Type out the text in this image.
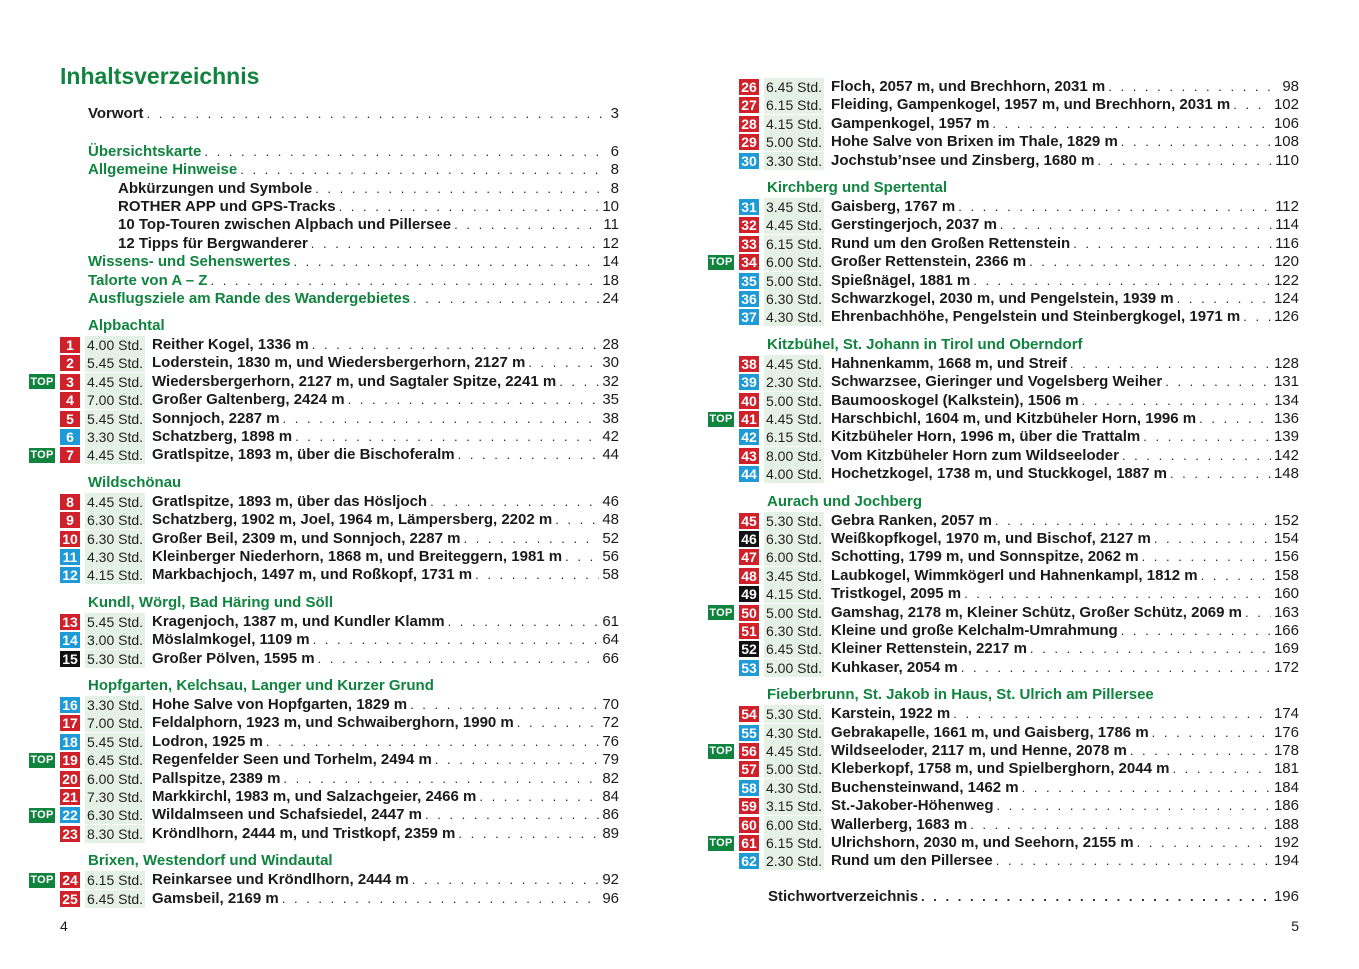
Inhaltsverzeichnis
Vorwort . . .	3
Übersichtskarte . . .	6
Allgemeine Hinweise . . .	8
Abkürzungen und Symbole . . .	8
ROTHER APP und GPS-Tracks . . .	10
10 Top-Touren zwischen Alpbach und Pillersee . . .	11
12 Tipps für Bergwanderer . . .	12
Wissens- und Sehenswertes . . .	14
Talorte von A – Z . . .	18
Ausflugsziele am Rande des Wandergebietes . . .	24
Alpbachtal
1 4.00 Std. Reither Kogel, 1336 m . . .	28
2 5.45 Std. Loderstein, 1830 m, und Wiedersbergerhorn, 2127 m . . .	30
TOP 3 4.45 Std. Wiedersbergerhorn, 2127 m, und Sagtaler Spitze, 2241 m . . .	32
4 7.00 Std. Großer Galtenberg, 2424 m . . .	35
5 5.45 Std. Sonnjoch, 2287 m . . .	38
6 3.30 Std. Schatzberg, 1898 m . . .	42
TOP 7 4.45 Std. Gratlspitze, 1893 m, über die Bischoferalm . . .	44
Wildschönau
8 4.45 Std. Gratlspitze, 1893 m, über das Hösljoch . . .	46
9 6.30 Std. Schatzberg, 1902 m, Joel, 1964 m, Lämpersberg, 2202 m . . .	48
10 6.30 Std. Großer Beil, 2309 m, und Sonnjoch, 2287 m . . .	52
11 4.30 Std. Kleinberger Niederhorn, 1868 m, und Breiteggern, 1981 m . . .	56
12 4.15 Std. Markbachjoch, 1497 m, und Roßkopf, 1731 m . . .	58
Kundl, Wörgl, Bad Häring und Söll
13 5.45 Std. Kragenjoch, 1387 m, und Kundler Klamm . . .	61
14 3.00 Std. Möslalmkogel, 1109 m . . .	64
15 5.30 Std. Großer Pölven, 1595 m . . .	66
Hopfgarten, Kelchsau, Langer und Kurzer Grund
16 3.30 Std. Hohe Salve von Hopfgarten, 1829 m . . .	70
17 7.00 Std. Feldalphorn, 1923 m, und Schwaiberghorn, 1990 m . . .	72
18 5.45 Std. Lodron, 1925 m . . .	76
TOP 19 6.45 Std. Regenfelder Seen und Torhelm, 2494 m . . .	79
20 6.00 Std. Pallspitze, 2389 m . . .	82
21 7.30 Std. Markkirchl, 1983 m, und Salzachgeier, 2466 m . . .	84
TOP 22 6.30 Std. Wildalmseen und Schafsiedel, 2447 m . . .	86
23 8.30 Std. Kröndlhorn, 2444 m, und Tristkopf, 2359 m . . .	89
Brixen, Westendorf und Windautal
TOP 24 6.15 Std. Reinkarsee und Kröndlhorn, 2444 m . . .	92
25 6.45 Std. Gamsbeil, 2169 m . . .	96
4
26 6.45 Std. Floch, 2057 m, und Brechhorn, 2031 m . . .	98
27 6.15 Std. Fleiding, Gampenkogel, 1957 m, und Brechhorn, 2031 m . . .	102
28 4.15 Std. Gampenkogel, 1957 m . . .	106
29 5.00 Std. Hohe Salve von Brixen im Thale, 1829 m . . .	108
30 3.30 Std. Jochstub’nsee und Zinsberg, 1680 m . . .	110
Kirchberg und Spertental
31 3.45 Std. Gaisberg, 1767 m . . .	112
32 4.45 Std. Gerstingerjoch, 2037 m . . .	114
33 6.15 Std. Rund um den Großen Rettenstein . . .	116
TOP 34 6.00 Std. Großer Rettenstein, 2366 m . . .	120
35 5.00 Std. Spießnägel, 1881 m . . .	122
36 6.30 Std. Schwarzkogel, 2030 m, und Pengelstein, 1939 m . . .	124
37 4.30 Std. Ehrenbachhöhe, Pengelstein und Steinbergkogel, 1971 m . . . 126
Kitzbühel, St. Johann in Tirol und Oberndorf
38 4.45 Std. Hahnenkamm, 1668 m, und Streif . . .	128
39 2.30 Std. Schwarzsee, Gieringer und Vogelsberg Weiher . . .	131
40 5.00 Std. Baumooskogel (Kalkstein), 1506 m . . .	134
TOP 41 4.45 Std. Harschbichl, 1604 m, und Kitzbüheler Horn, 1996 m . . .	136
42 6.15 Std. Kitzbüheler Horn, 1996 m, über die Trattalm . . .	139
43 8.00 Std. Vom Kitzbüheler Horn zum Wildseeloder . . .	142
44 4.00 Std. Hochetzkogel, 1738 m, und Stuckkogel, 1887 m . . .	148
Aurach und Jochberg
45 5.30 Std. Gebra Ranken, 2057 m . . .	152
46 6.30 Std. Weißkopfkogel, 1970 m, und Bischof, 2127 m . . .	154
47 6.00 Std. Schotting, 1799 m, und Sonnspitze, 2062 m . . .	156
48 3.45 Std. Laubkogel, Wimmkögerl und Hahnenkampl, 1812 m . . .	158
49 4.15 Std. Tristkogel, 2095 m . . .	160
TOP 50 5.00 Std. Gamshag, 2178 m, Kleiner Schütz, Großer Schütz, 2069 m . . . 163
51 6.30 Std. Kleine und große Kelchalm-Umrahmung . . .	166
52 6.45 Std. Kleiner Rettenstein, 2217 m . . .	169
53 5.00 Std. Kuhkaser, 2054 m . . .	172
Fieberbrunn, St. Jakob in Haus, St. Ulrich am Pillersee
54 5.30 Std. Karstein, 1922 m . . .	174
55 4.30 Std. Gebrakapelle, 1661 m, und Gaisberg, 1786 m . . .	176
TOP 56 4.45 Std. Wildseeloder, 2117 m, und Henne, 2078 m . . .	178
57 5.00 Std. Kleberkopf, 1758 m, und Spielberghorn, 2044 m . . .	181
58 4.30 Std. Buchensteinwand, 1462 m . . .	184
59 3.15 Std. St.-Jakober-Höhenweg . . .	186
60 6.00 Std. Wallerberg, 1683 m . . .	188
TOP 61 6.15 Std. Ulrichshorn, 2030 m, und Seehorn, 2155 m . . .	192
62 2.30 Std. Rund um den Pillersee . . .	194
Stichwortverzeichnis . . .	196
5
